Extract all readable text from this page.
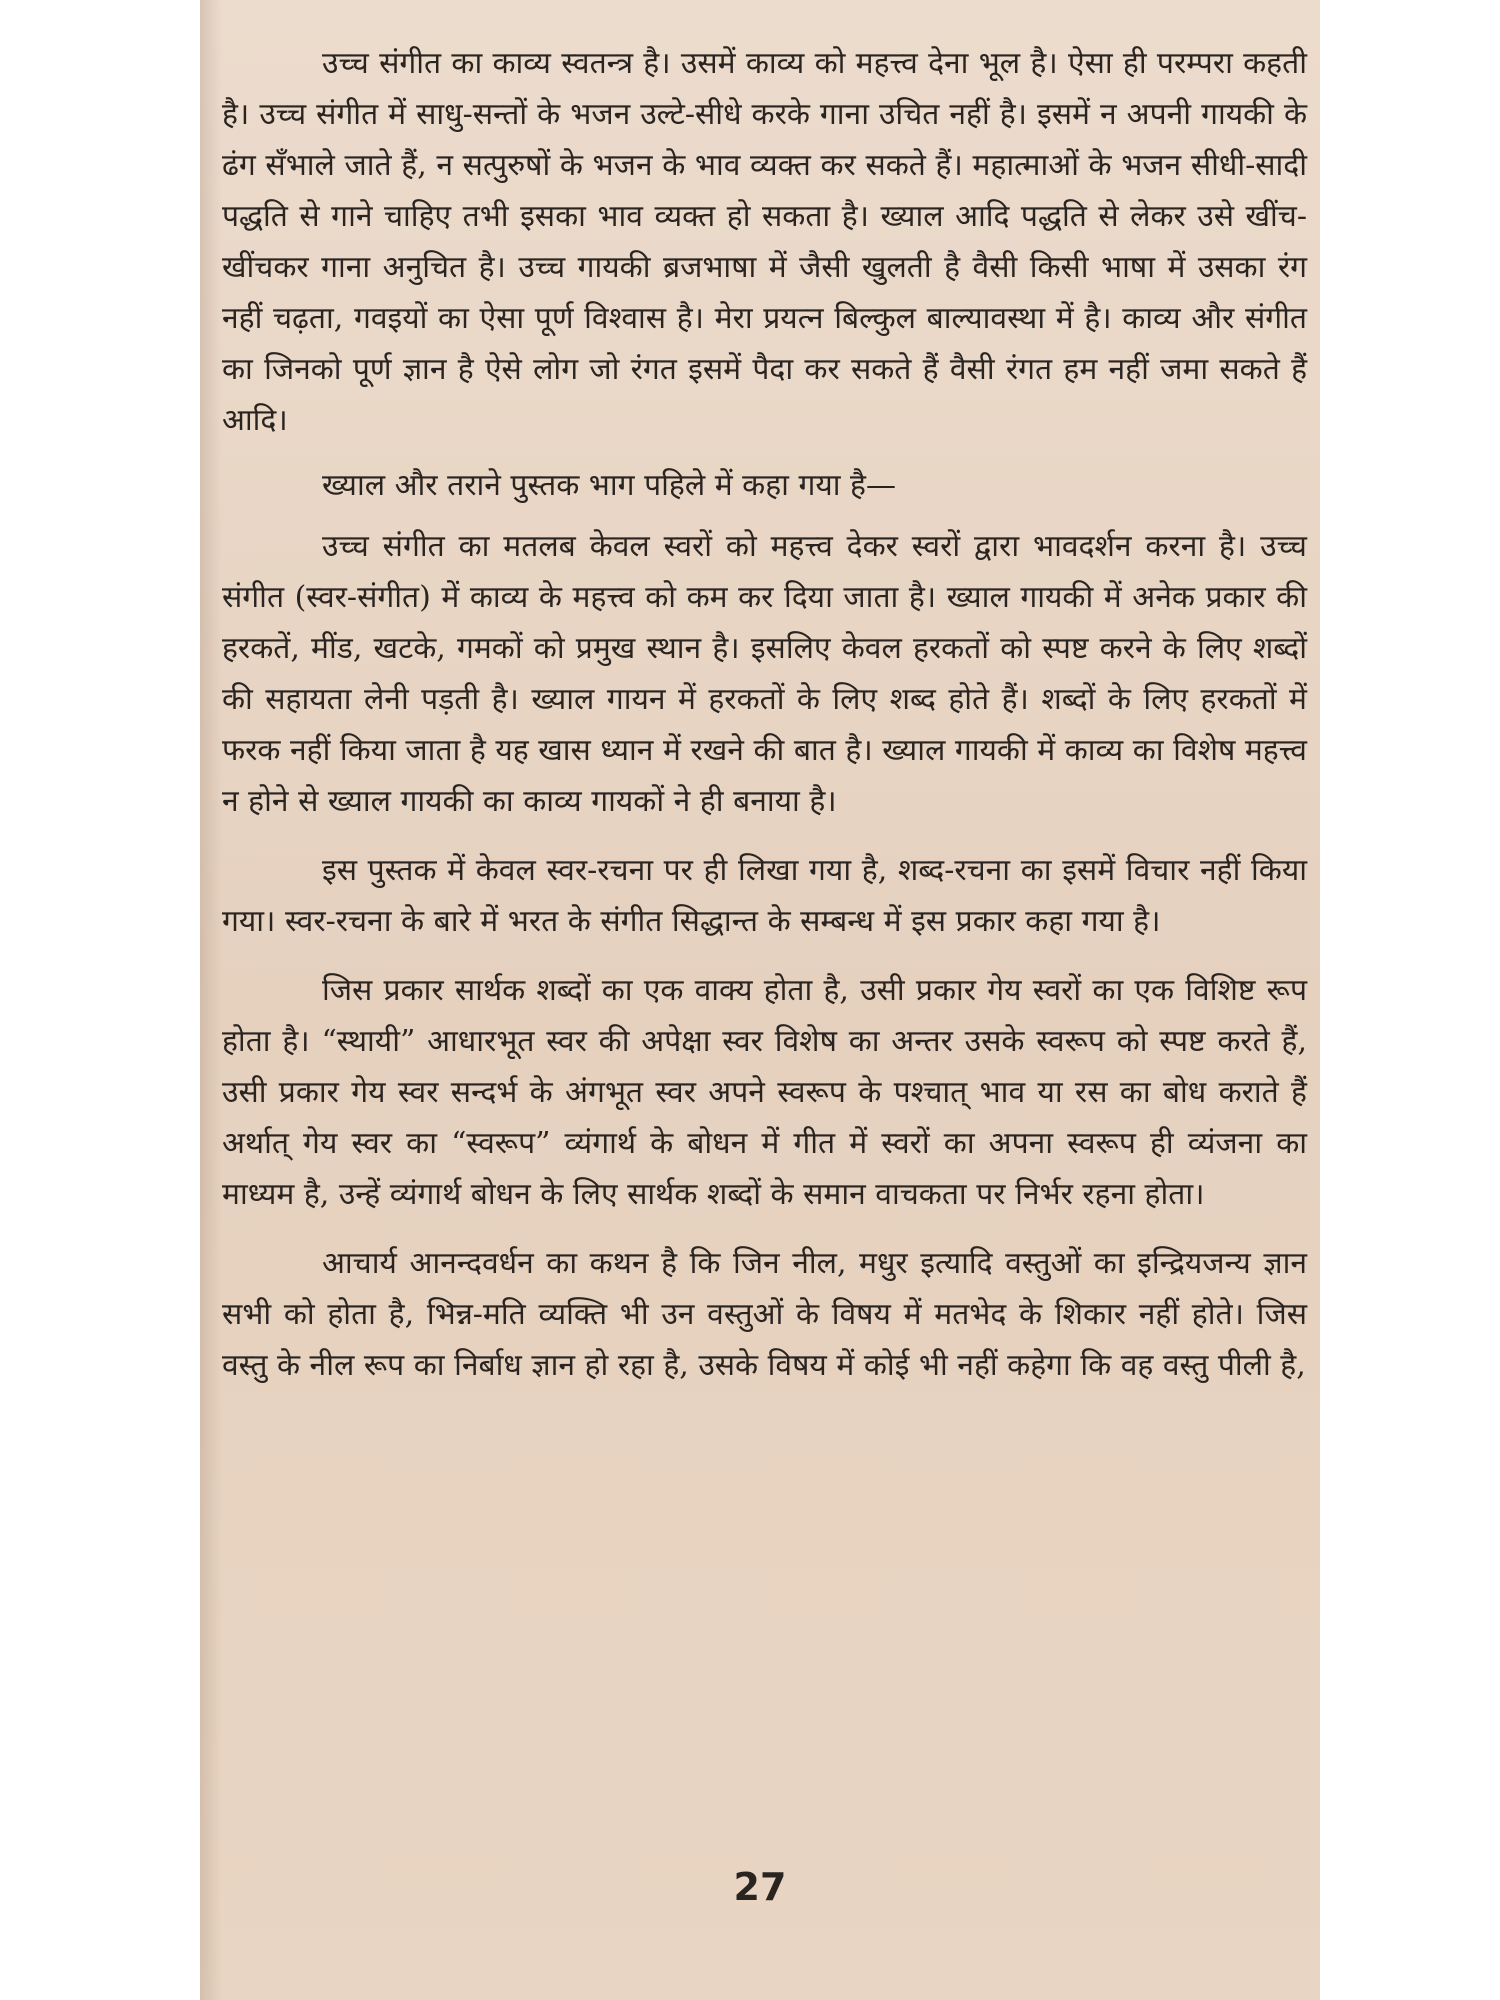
उच्च संगीत का काव्य स्वतन्त्र है। उसमें काव्य को महत्त्व देना भूल है। ऐसा ही परम्परा कहती है। उच्च संगीत में साधु-सन्तों के भजन उल्टे-सीधे करके गाना उचित नहीं है। इसमें न अपनी गायकी के ढंग सँभाले जाते हैं, न सत्पुरुषों के भजन के भाव व्यक्त कर सकते हैं। महात्माओं के भजन सीधी-सादी पद्धति से गाने चाहिए तभी इसका भाव व्यक्त हो सकता है। ख्याल आदि पद्धति से लेकर उसे खींच-खींचकर गाना अनुचित है। उच्च गायकी ब्रजभाषा में जैसी खुलती है वैसी किसी भाषा में उसका रंग नहीं चढ़ता, गवइयों का ऐसा पूर्ण विश्वास है। मेरा प्रयत्न बिल्कुल बाल्यावस्था में है। काव्य और संगीत का जिनको पूर्ण ज्ञान है ऐसे लोग जो रंगत इसमें पैदा कर सकते हैं वैसी रंगत हम नहीं जमा सकते हैं आदि।

ख्याल और तराने पुस्तक भाग पहिले में कहा गया है—

उच्च संगीत का मतलब केवल स्वरों को महत्त्व देकर स्वरों द्वारा भावदर्शन करना है। उच्च संगीत (स्वर-संगीत) में काव्य के महत्त्व को कम कर दिया जाता है। ख्याल गायकी में अनेक प्रकार की हरकतें, मींड, खटके, गमकों को प्रमुख स्थान है। इसलिए केवल हरकतों को स्पष्ट करने के लिए शब्दों की सहायता लेनी पड़ती है। ख्याल गायन में हरकतों के लिए शब्द होते हैं। शब्दों के लिए हरकतों में फरक नहीं किया जाता है यह खास ध्यान में रखने की बात है। ख्याल गायकी में काव्य का विशेष महत्त्व न होने से ख्याल गायकी का काव्य गायकों ने ही बनाया है।

इस पुस्तक में केवल स्वर-रचना पर ही लिखा गया है, शब्द-रचना का इसमें विचार नहीं किया गया। स्वर-रचना के बारे में भरत के संगीत सिद्धान्त के सम्बन्ध में इस प्रकार कहा गया है।

जिस प्रकार सार्थक शब्दों का एक वाक्य होता है, उसी प्रकार गेय स्वरों का एक विशिष्ट रूप होता है। “स्थायी” आधारभूत स्वर की अपेक्षा स्वर विशेष का अन्तर उसके स्वरूप को स्पष्ट करते हैं, उसी प्रकार गेय स्वर सन्दर्भ के अंगभूत स्वर अपने स्वरूप के पश्चात् भाव या रस का बोध कराते हैं अर्थात् गेय स्वर का “स्वरूप” व्यंगार्थ के बोधन में गीत में स्वरों का अपना स्वरूप ही व्यंजना का माध्यम है, उन्हें व्यंगार्थ बोधन के लिए सार्थक शब्दों के समान वाचकता पर निर्भर रहना होता।

आचार्य आनन्दवर्धन का कथन है कि जिन नील, मधुर इत्यादि वस्तुओं का इन्द्रियजन्य ज्ञान सभी को होता है, भिन्न-मति व्यक्ति भी उन वस्तुओं के विषय में मतभेद के शिकार नहीं होते। जिस वस्तु के नील रूप का निर्बाध ज्ञान हो रहा है, उसके विषय में कोई भी नहीं कहेगा कि वह वस्तु पीली है,

27
